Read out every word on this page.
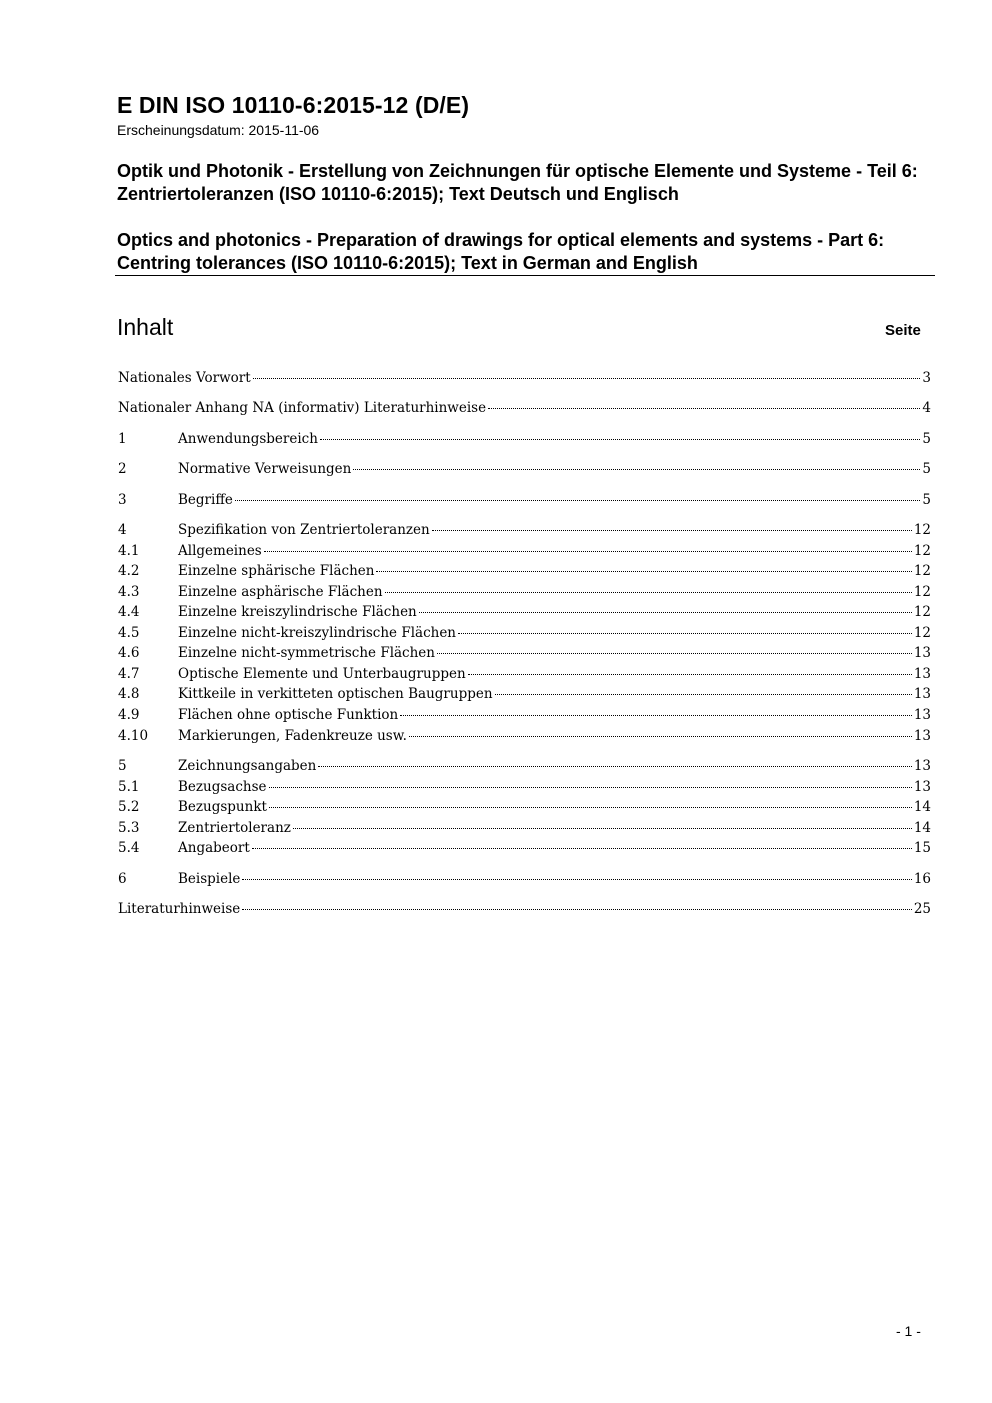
E DIN ISO 10110-6:2015-12 (D/E)
Erscheinungsdatum: 2015-11-06
Optik und Photonik - Erstellung von Zeichnungen für optische Elemente und Systeme - Teil 6: Zentriertoleranzen (ISO 10110-6:2015); Text Deutsch und Englisch
Optics and photonics - Preparation of drawings for optical elements and systems - Part 6: Centring tolerances (ISO 10110-6:2015); Text in German and English
Inhalt	Seite
Nationales Vorwort	3
Nationaler Anhang NA (informativ) Literaturhinweise	4
1	Anwendungsbereich	5
2	Normative Verweisungen	5
3	Begriffe	5
4	Spezifikation von Zentriertoleranzen	12
4.1	Allgemeines	12
4.2	Einzelne sphärische Flächen	12
4.3	Einzelne asphärische Flächen	12
4.4	Einzelne kreiszylindrische Flächen	12
4.5	Einzelne nicht-kreiszylindrische Flächen	12
4.6	Einzelne nicht-symmetrische Flächen	13
4.7	Optische Elemente und Unterbaugruppen	13
4.8	Kittkeile in verkitteten optischen Baugruppen	13
4.9	Flächen ohne optische Funktion	13
4.10	Markierungen, Fadenkreuze usw.	13
5	Zeichnungsangaben	13
5.1	Bezugsachse	13
5.2	Bezugspunkt	14
5.3	Zentriertoleranz	14
5.4	Angabeort	15
6	Beispiele	16
Literaturhinweise	25
- 1 -
